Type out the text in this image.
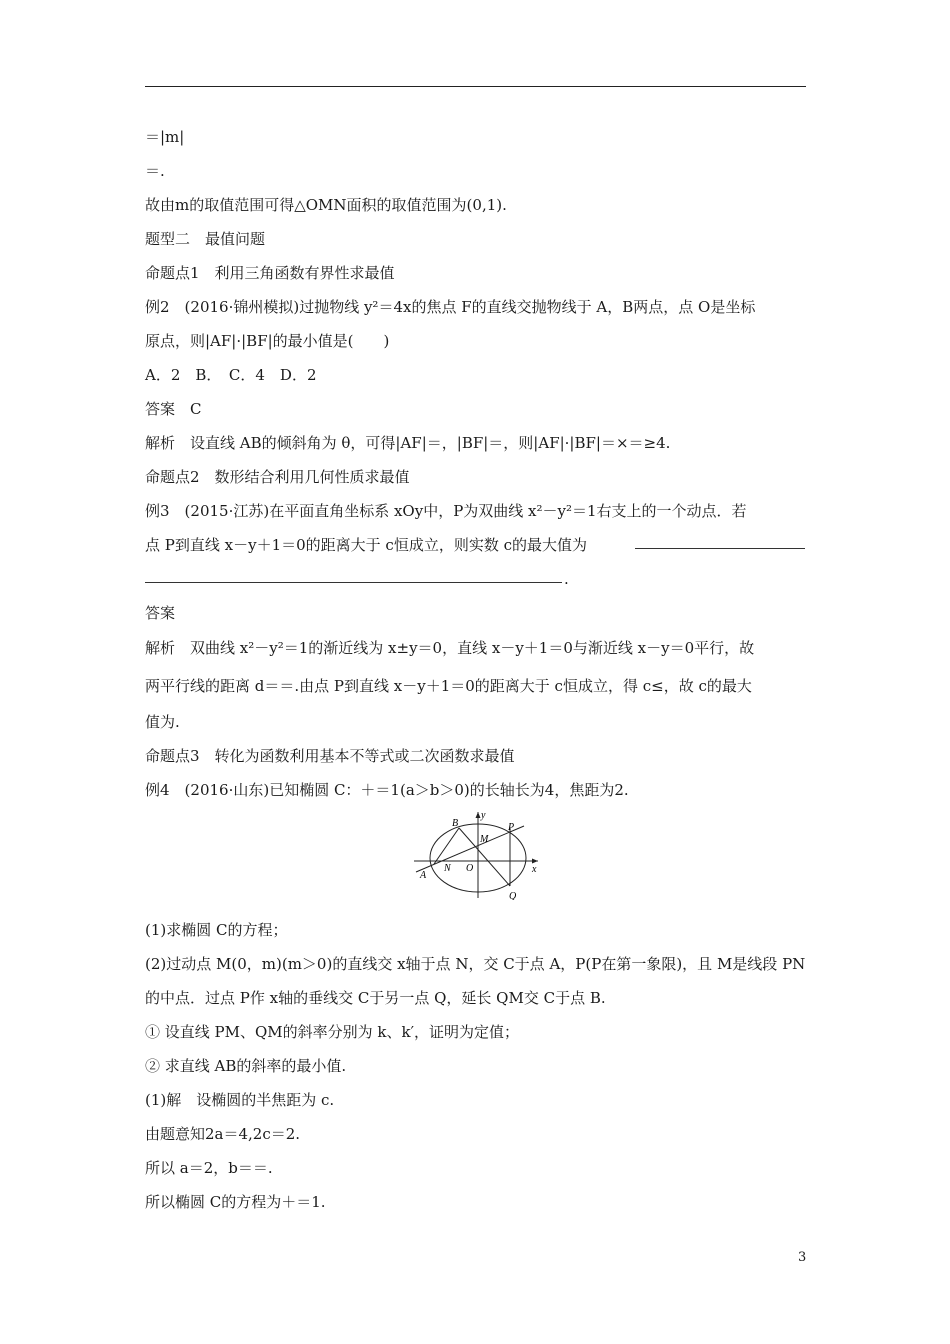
＝|m|
＝.
故由m的取值范围可得△OMN面积的取值范围为(0,1).
题型二　最值问题
命题点1　利用三角函数有界性求最值
例2　(2016·锦州模拟)过抛物线 y²＝4x的焦点 F的直线交抛物线于 A，B两点，点 O是坐标
原点，则|AF|·|BF|的最小值是(　　)
A．2　B．　C．4　D．2
答案　C
解析　设直线 AB的倾斜角为 θ，可得|AF|＝，|BF|＝，则|AF|·|BF|＝×＝≥4.
命题点2　数形结合利用几何性质求最值
例3　(2015·江苏)在平面直角坐标系 xOy中，P为双曲线 x²－y²＝1右支上的一个动点．若
点 P到直线 x－y＋1＝0的距离大于 c恒成立，则实数 c的最大值为
.
答案
解析　双曲线 x²－y²＝1的渐近线为 x±y＝0，直线 x－y＋1＝0与渐近线 x－y＝0平行，故
两平行线的距离 d＝＝.由点 P到直线 x－y＋1＝0的距离大于 c恒成立，得 c≤，故 c的最大
值为.
命题点3　转化为函数利用基本不等式或二次函数求最值
例4　(2016·山东)已知椭圆 C：＋＝1(a＞b＞0)的长轴长为4，焦距为2.
y
x
B
M
P
A
N O
Q
(1)求椭圆 C的方程；
(2)过动点 M(0，m)(m＞0)的直线交 x轴于点 N，交 C于点 A，P(P在第一象限)，且 M是线段 PN
的中点．过点 P作 x轴的垂线交 C于另一点 Q，延长 QM交 C于点 B.
① 设直线 PM、QM的斜率分别为 k、k′，证明为定值；
② 求直线 AB的斜率的最小值.
(1)解　设椭圆的半焦距为 c.
由题意知2a＝4,2c＝2.
所以 a＝2，b＝＝.
所以椭圆 C的方程为＋＝1.
3
